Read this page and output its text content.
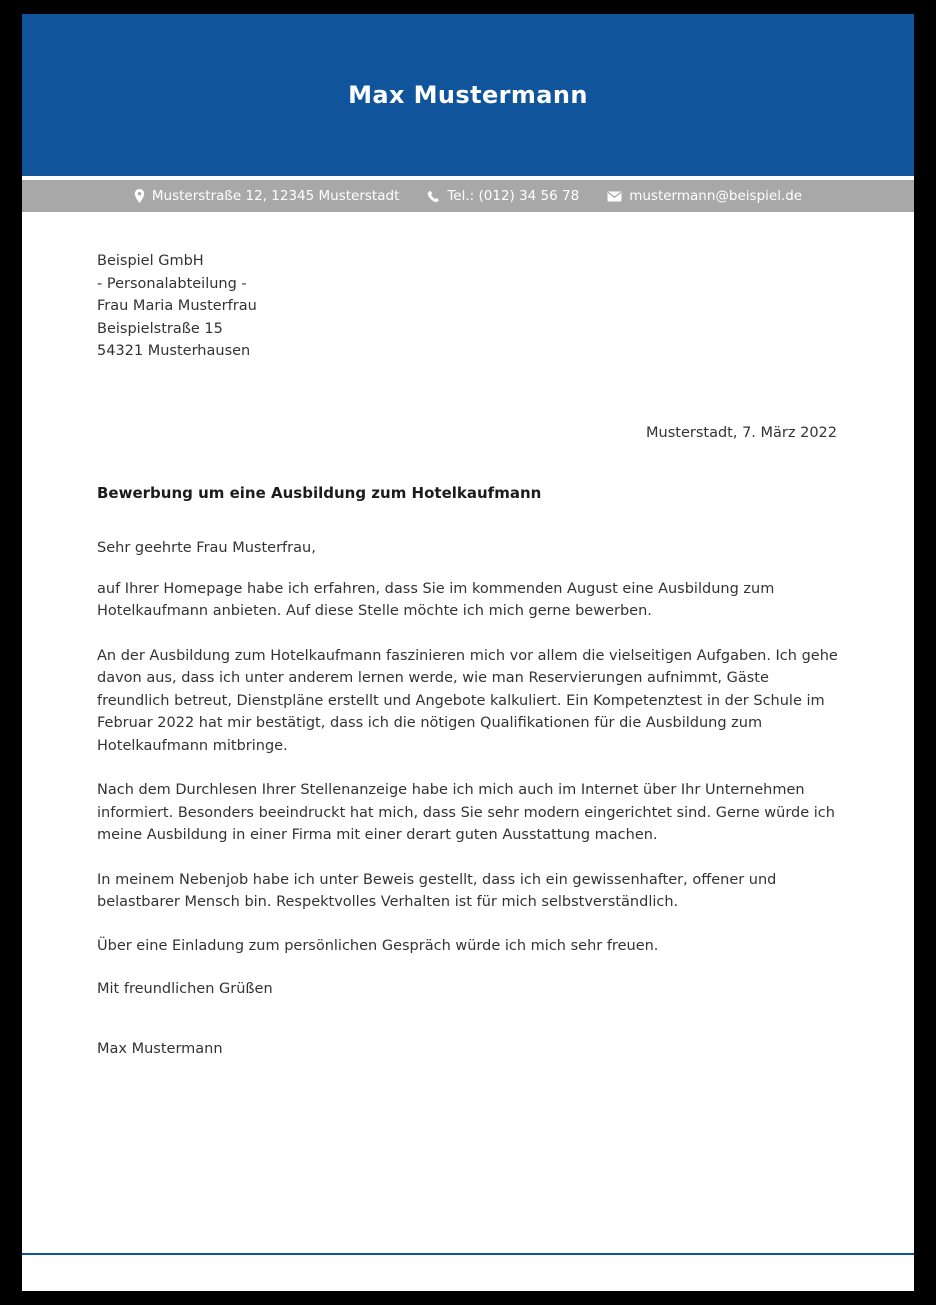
Max Mustermann
Musterstraße 12, 12345 Musterstadt	Tel.: (012) 34 56 78	mustermann@beispiel.de
Beispiel GmbH
- Personalabteilung -
Frau Maria Musterfrau
Beispielstraße 15
54321 Musterhausen
Musterstadt, 7. März 2022
Bewerbung um eine Ausbildung zum Hotelkaufmann
Sehr geehrte Frau Musterfrau,

auf Ihrer Homepage habe ich erfahren, dass Sie im kommenden August eine Ausbildung zum Hotelkaufmann anbieten. Auf diese Stelle möchte ich mich gerne bewerben.

An der Ausbildung zum Hotelkaufmann faszinieren mich vor allem die vielseitigen Aufgaben. Ich gehe davon aus, dass ich unter anderem lernen werde, wie man Reservierungen aufnimmt, Gäste freundlich betreut, Dienstpläne erstellt und Angebote kalkuliert. Ein Kompetenztest in der Schule im Februar 2022 hat mir bestätigt, dass ich die nötigen Qualifikationen für die Ausbildung zum Hotelkaufmann mitbringe.

Nach dem Durchlesen Ihrer Stellenanzeige habe ich mich auch im Internet über Ihr Unternehmen informiert. Besonders beeindruckt hat mich, dass Sie sehr modern eingerichtet sind. Gerne würde ich meine Ausbildung in einer Firma mit einer derart guten Ausstattung machen.

In meinem Nebenjob habe ich unter Beweis gestellt, dass ich ein gewissenhafter, offener und belastbarer Mensch bin. Respektvolles Verhalten ist für mich selbstverständlich.

Über eine Einladung zum persönlichen Gespräch würde ich mich sehr freuen.

Mit freundlichen Grüßen
Max Mustermann
